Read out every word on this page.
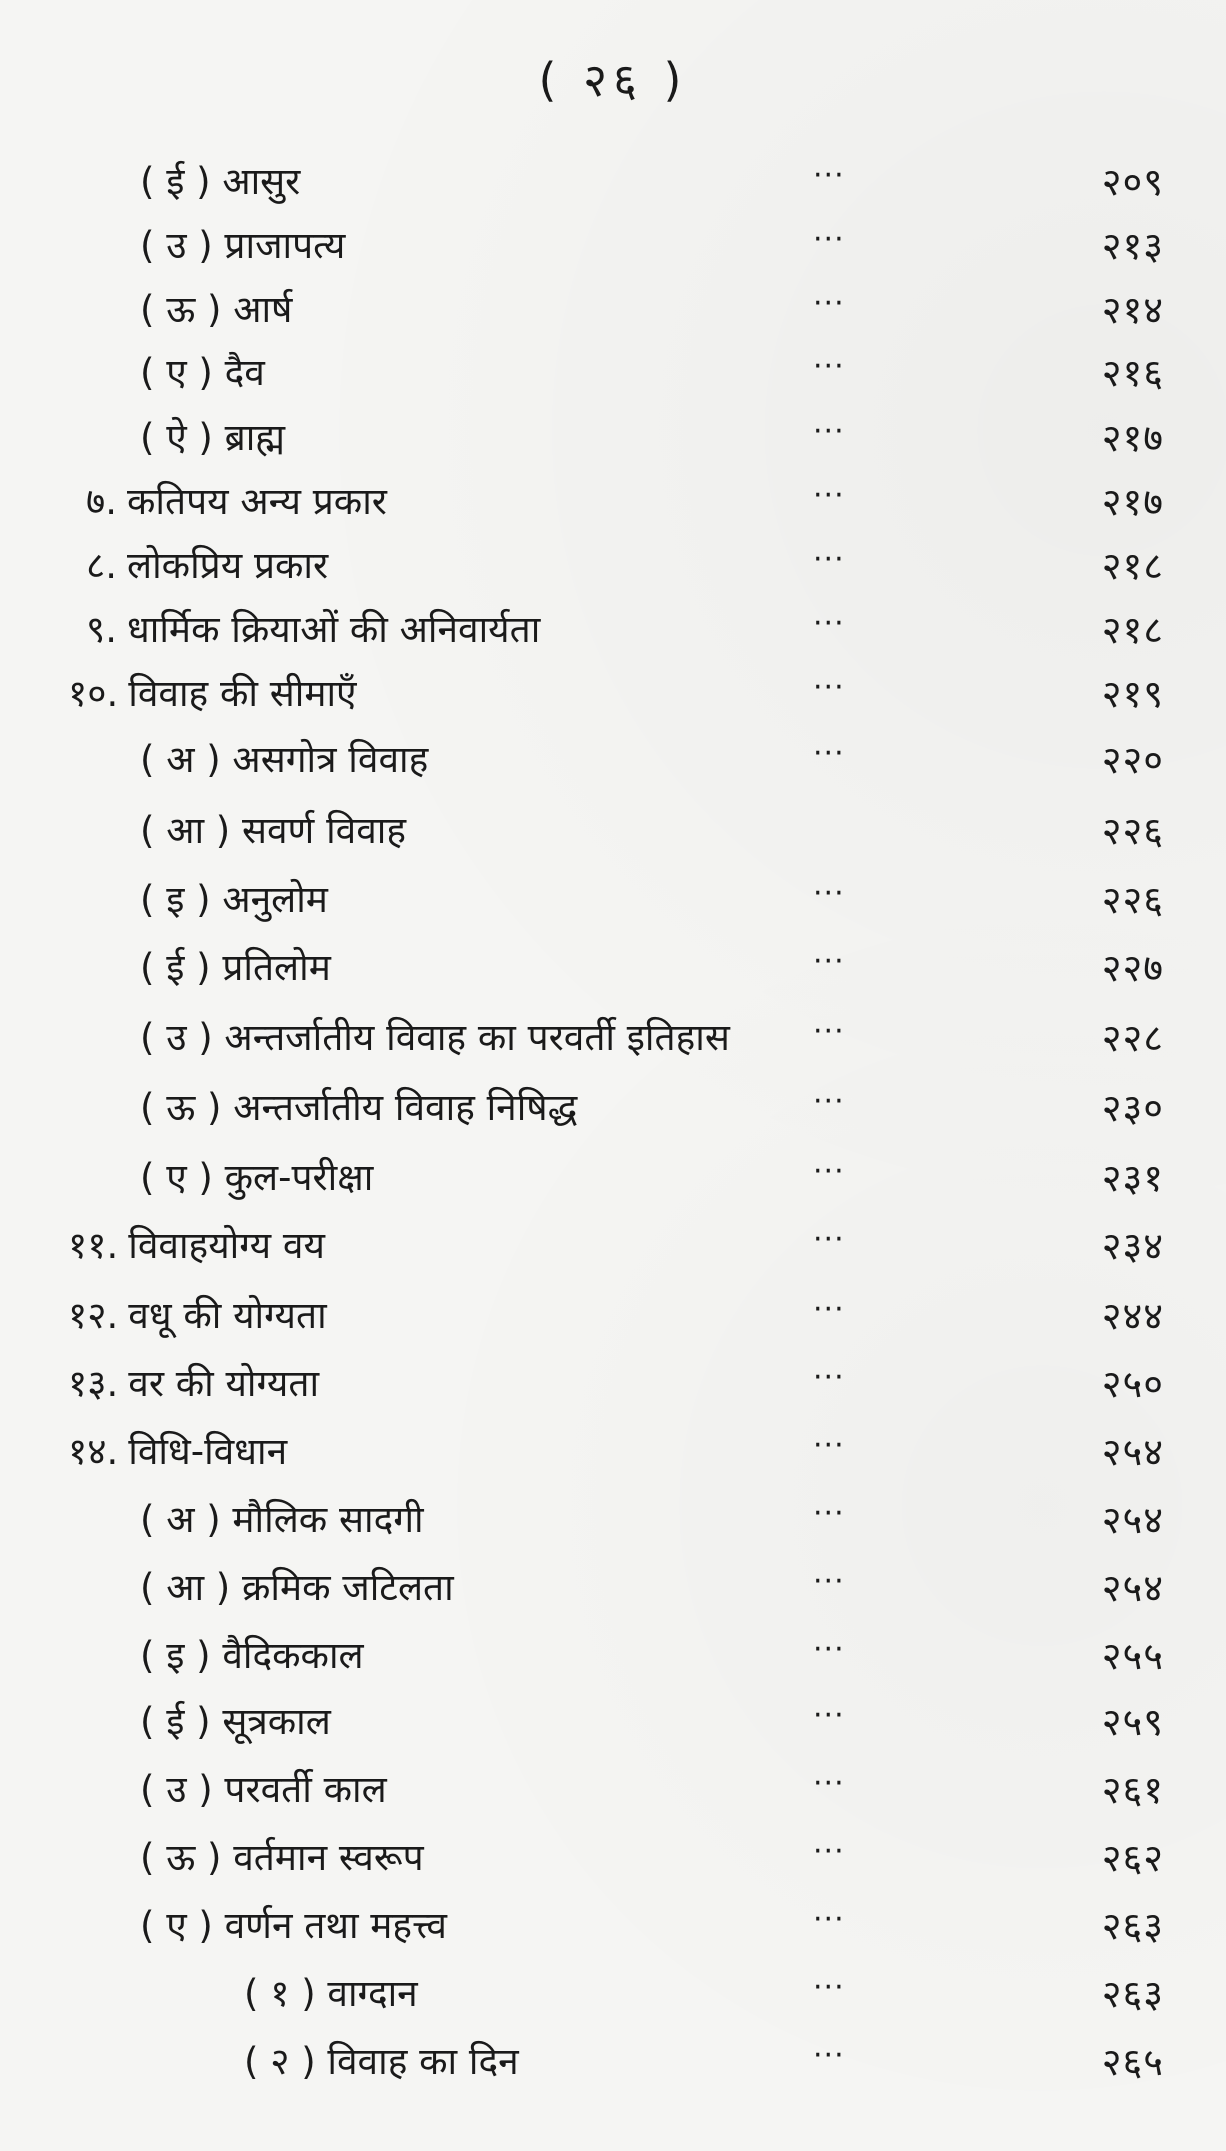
( २६ )
( ई ) आसुर	···	२०९
( उ ) प्राजापत्य	···	२१३
( ऊ ) आर्ष	···	२१४
( ए ) दैव	···	२१६
( ऐ ) ब्राह्म	···	२१७
७. कतिपय अन्य प्रकार	···	२१७
८. लोकप्रिय प्रकार	···	२१८
९. धार्मिक क्रियाओं की अनिवार्यता	···	२१८
१०. विवाह की सीमाएँ	···	२१९
( अ ) असगोत्र विवाह	···	२२०
( आ ) सवर्ण विवाह	२२६
( इ ) अनुलोम	···	२२६
( ई ) प्रतिलोम	···	२२७
( उ ) अन्तर्जातीय विवाह का परवर्ती इतिहास	···	२२८
( ऊ ) अन्तर्जातीय विवाह निषिद्ध	···	२३०
( ए ) कुल-परीक्षा	···	२३१
११. विवाहयोग्य वय	···	२३४
१२. वधू की योग्यता	···	२४४
१३. वर की योग्यता	···	२५०
१४. विधि-विधान	···	२५४
( अ ) मौलिक सादगी	···	२५४
( आ ) क्रमिक जटिलता	···	२५४
( इ ) वैदिककाल	···	२५५
( ई ) सूत्रकाल	···	२५९
( उ ) परवर्ती काल	···	२६१
( ऊ ) वर्तमान स्वरूप	···	२६२
( ए ) वर्णन तथा महत्त्व	···	२६३
( १ ) वाग्दान	···	२६३
( २ ) विवाह का दिन	···	२६५
